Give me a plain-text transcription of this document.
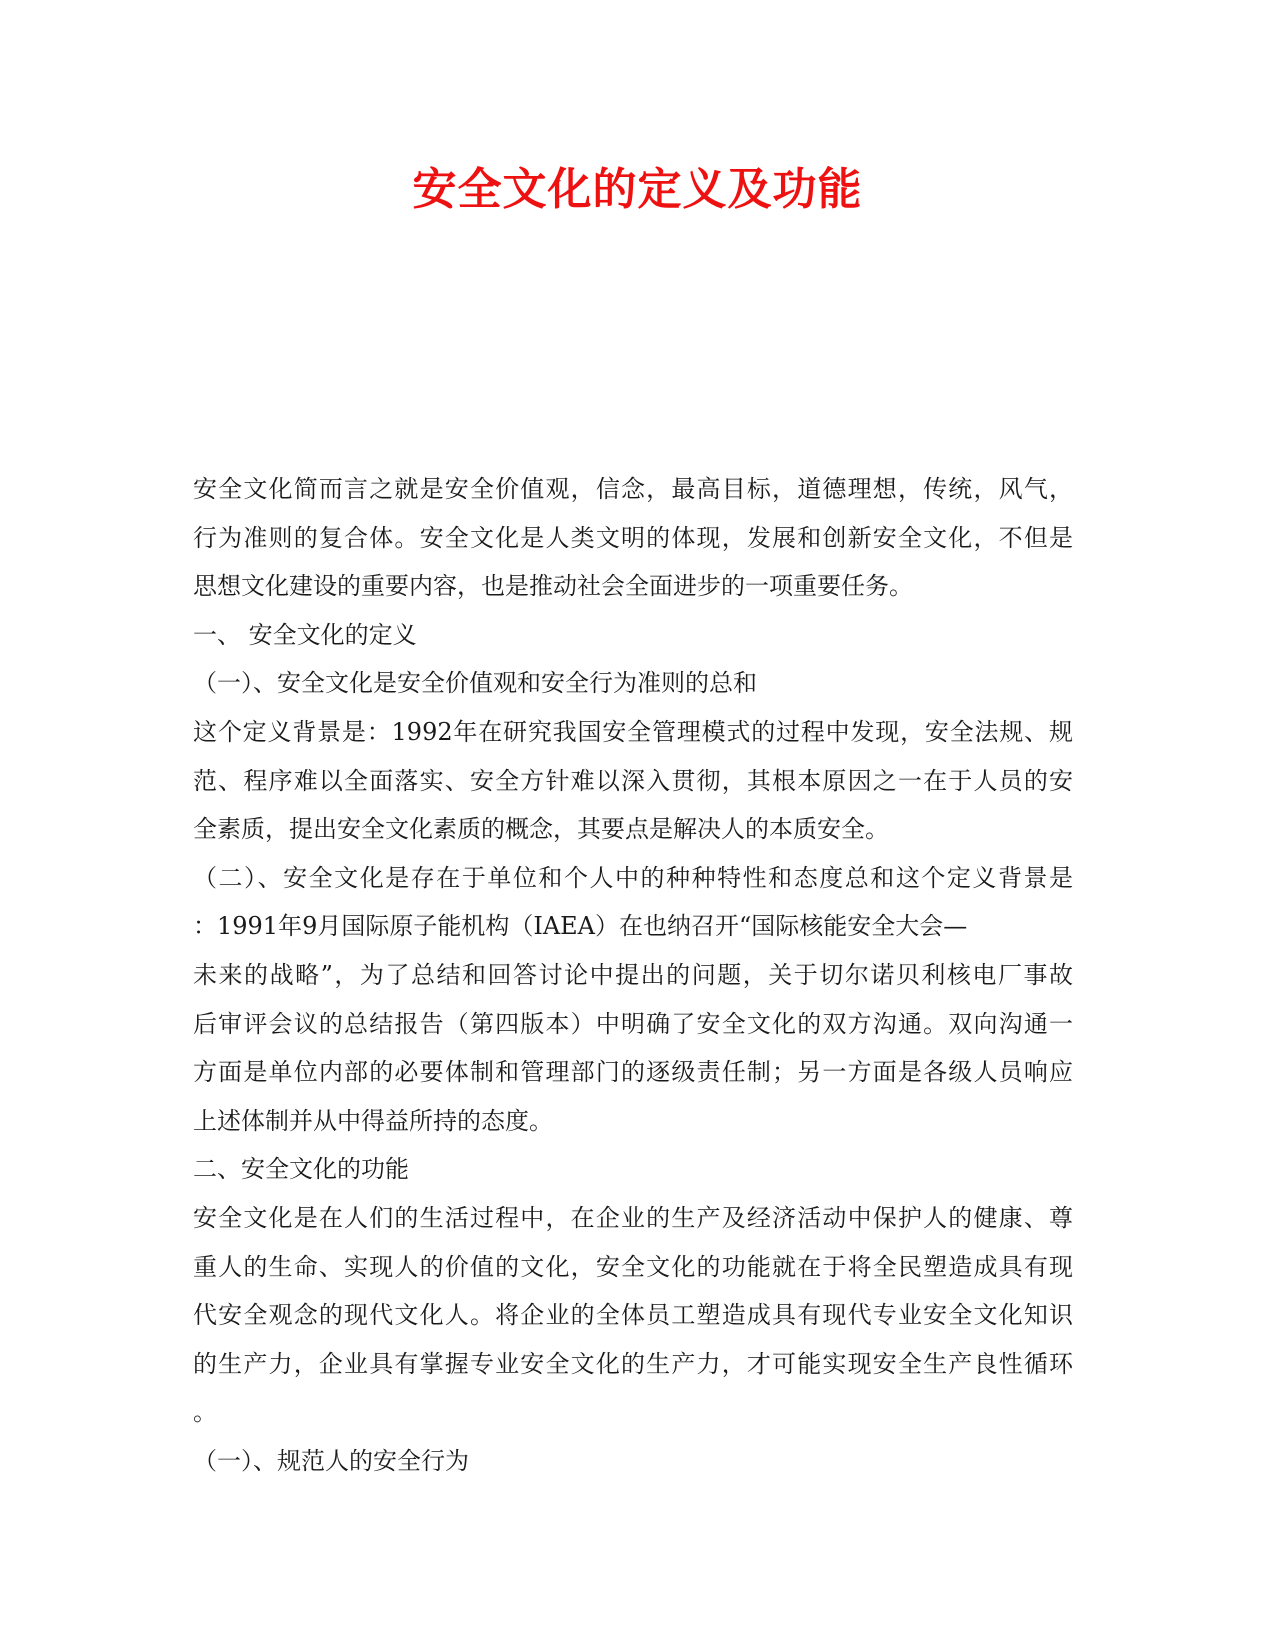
安全文化的定义及功能
安全文化简而言之就是安全价值观，信念，最高目标，道德理想，传统，风气，
行为准则的复合体。安全文化是人类文明的体现，发展和创新安全文化，不但是
思想文化建设的重要内容，也是推动社会全面进步的一项重要任务。
一、 安全文化的定义
（一）、安全文化是安全价值观和安全行为准则的总和
这个定义背景是：1992年在研究我国安全管理模式的过程中发现，安全法规、规
范、程序难以全面落实、安全方针难以深入贯彻，其根本原因之一在于人员的安
全素质，提出安全文化素质的概念，其要点是解决人的本质安全。
（二）、安全文化是存在于单位和个人中的种种特性和态度总和这个定义背景是
：1991年9月国际原子能机构（IAEA）在也纳召开“国际核能安全大会—
未来的战略”，为了总结和回答讨论中提出的问题，关于切尔诺贝利核电厂事故
后审评会议的总结报告（第四版本）中明确了安全文化的双方沟通。双向沟通一
方面是单位内部的必要体制和管理部门的逐级责任制；另一方面是各级人员响应
上述体制并从中得益所持的态度。
二、安全文化的功能
安全文化是在人们的生活过程中，在企业的生产及经济活动中保护人的健康、尊
重人的生命、实现人的价值的文化，安全文化的功能就在于将全民塑造成具有现
代安全观念的现代文化人。将企业的全体员工塑造成具有现代专业安全文化知识
的生产力，企业具有掌握专业安全文化的生产力，才可能实现安全生产良性循环
。
（一）、规范人的安全行为
